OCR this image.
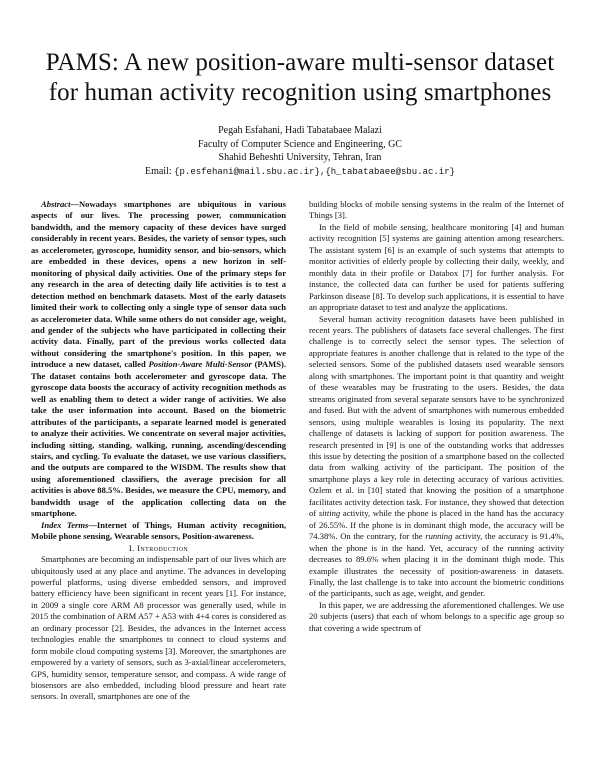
PAMS: A new position-aware multi-sensor dataset for human activity recognition using smartphones
Pegah Esfahani, Hadi Tabatabaee Malazi
Faculty of Computer Science and Engineering, GC
Shahid Beheshti University, Tehran, Iran
Email: {p.esfehani@mail.sbu.ac.ir},{h_tabatabaee@sbu.ac.ir}

Abstract—Nowadays smartphones are ubiquitous in various aspects of our lives. The processing power, communication bandwidth, and the memory capacity of these devices have surged considerably in recent years. Besides, the variety of sensor types, such as accelerometer, gyroscope, humidity sensor, and bio-sensors, which are embedded in these devices, opens a new horizon in self-monitoring of physical daily activities. One of the primary steps for any research in the area of detecting daily life activities is to test a detection method on benchmark datasets. Most of the early datasets limited their work to collecting only a single type of sensor data such as accelerometer data. While some others do not consider age, weight, and gender of the subjects who have participated in collecting their activity data. Finally, part of the previous works collected data without considering the smartphone's position. In this paper, we introduce a new dataset, called Position-Aware Multi-Sensor (PAMS). The dataset contains both accelerometer and gyroscope data. The gyroscope data boosts the accuracy of activity recognition methods as well as enabling them to detect a wider range of activities. We also take the user information into account. Based on the biometric attributes of the participants, a separate learned model is generated to analyze their activities. We concentrate on several major activities, including sitting, standing, walking, running, ascending/descending stairs, and cycling. To evaluate the dataset, we use various classifiers, and the outputs are compared to the WISDM. The results show that using aforementioned classifiers, the average precision for all activities is above 88.5%. Besides, we measure the CPU, memory, and bandwidth usage of the application collecting data on the smartphone.

Index Terms—Internet of Things, Human activity recognition, Mobile phone sensing, Wearable sensors, Position-awareness.

I. Introduction

Smartphones are becoming an indispensable part of our lives which are ubiquitously used at any place and anytime. The advances in developing powerful platforms, using diverse embedded sensors, and improved battery efficiency have been significant in recent years [1]. For instance, in 2009 a single core ARM A8 processor was generally used, while in 2015 the combination of ARM A57 + A53 with 4+4 cores is considered as an ordinary processor [2]. Besides, the advances in the Internet access technologies enable the smartphones to connect to cloud systems and form mobile cloud computing systems [3]. Moreover, the smartphones are empowered by a variety of sensors, such as 3-axial/linear accelerometers, GPS, humidity sensor, temperature sensor, and compass. A wide range of biosensors are also embedded, including blood pressure and heart rate sensors. In overall, smartphones are one of the

building blocks of mobile sensing systems in the realm of the Internet of Things [3].

In the field of mobile sensing, healthcare monitoring [4] and human activity recognition [5] systems are gaining attention among researchers. The assistant system [6] is an example of such systems that attempts to monitor activities of elderly people by collecting their daily, weekly, and monthly data in their profile or Databox [7] for further analysis. For instance, the collected data can further be used for patients suffering Parkinson disease [8]. To develop such applications, it is essential to have an appropriate dataset to test and analyze the applications.

Several human activity recognition datasets have been published in recent years. The publishers of datasets face several challenges. The first challenge is to correctly select the sensor types. The selection of appropriate features is another challenge that is related to the type of the selected sensors. Some of the published datasets used wearable sensors along with smartphones. The important point is that quantity and weight of these wearables may be frustrating to the users. Besides, the data streams originated from several separate sensors have to be synchronized and fused. But with the advent of smartphones with numerous embedded sensors, using multiple wearables is losing its popularity. The next challenge of datasets is lacking of support for position awareness. The research presented in [9] is one of the outstanding works that addresses this issue by detecting the position of a smartphone based on the collected data from walking activity of the participant. The position of the smartphone plays a key role in detecting accuracy of various activities. Ozlem et al. in [10] stated that knowing the position of a smartphone facilitates activity detection task. For instance, they showed that detection of sitting activity, while the phone is placed in the hand has the accuracy of 26.55%. If the phone is in dominant thigh mode, the accuracy will be 74.38%. On the contrary, for the running activity, the accuracy is 91.4%, when the phone is in the hand. Yet, accuracy of the running activity decreases to 89.6% when placing it in the dominant thigh mode. This example illustrates the necessity of position-awareness in datasets. Finally, the last challenge is to take into account the biometric conditions of the participants, such as age, weight, and gender.

In this paper, we are addressing the aforementioned challenges. We use 20 subjects (users) that each of whom belongs to a specific age group so that covering a wide spectrum of
